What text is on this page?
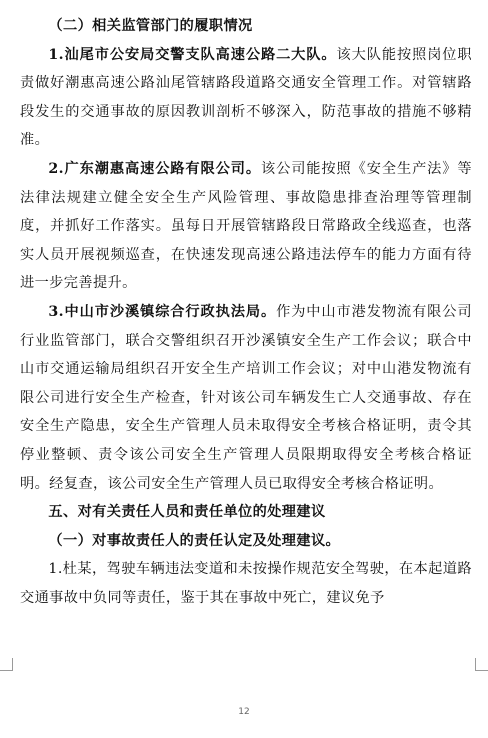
（二）相关监管部门的履职情况

1.汕尾市公安局交警支队高速公路二大队。该大队能按照岗位职责做好潮惠高速公路汕尾管辖路段道路交通安全管理工作。对管辖路段发生的交通事故的原因教训剖析不够深入，防范事故的措施不够精准。

2.广东潮惠高速公路有限公司。该公司能按照《安全生产法》等法律法规建立健全安全生产风险管理、事故隐患排查治理等管理制度，并抓好工作落实。虽每日开展管辖路段日常路政全线巡查，也落实人员开展视频巡查，在快速发现高速公路违法停车的能力方面有待进一步完善提升。

3.中山市沙溪镇综合行政执法局。作为中山市港发物流有限公司行业监管部门，联合交警组织召开沙溪镇安全生产工作会议；联合中山市交通运输局组织召开安全生产培训工作会议；对中山港发物流有限公司进行安全生产检查，针对该公司车辆发生亡人交通事故、存在安全生产隐患，安全生产管理人员未取得安全考核合格证明，责令其停业整顿、责令该公司安全生产管理人员限期取得安全考核合格证明。经复查，该公司安全生产管理人员已取得安全考核合格证明。

五、对有关责任人员和责任单位的处理建议

（一）对事故责任人的责任认定及处理建议。

1.杜某，驾驶车辆违法变道和未按操作规范安全驾驶，在本起道路交通事故中负同等责任，鉴于其在事故中死亡，建议免予

12
